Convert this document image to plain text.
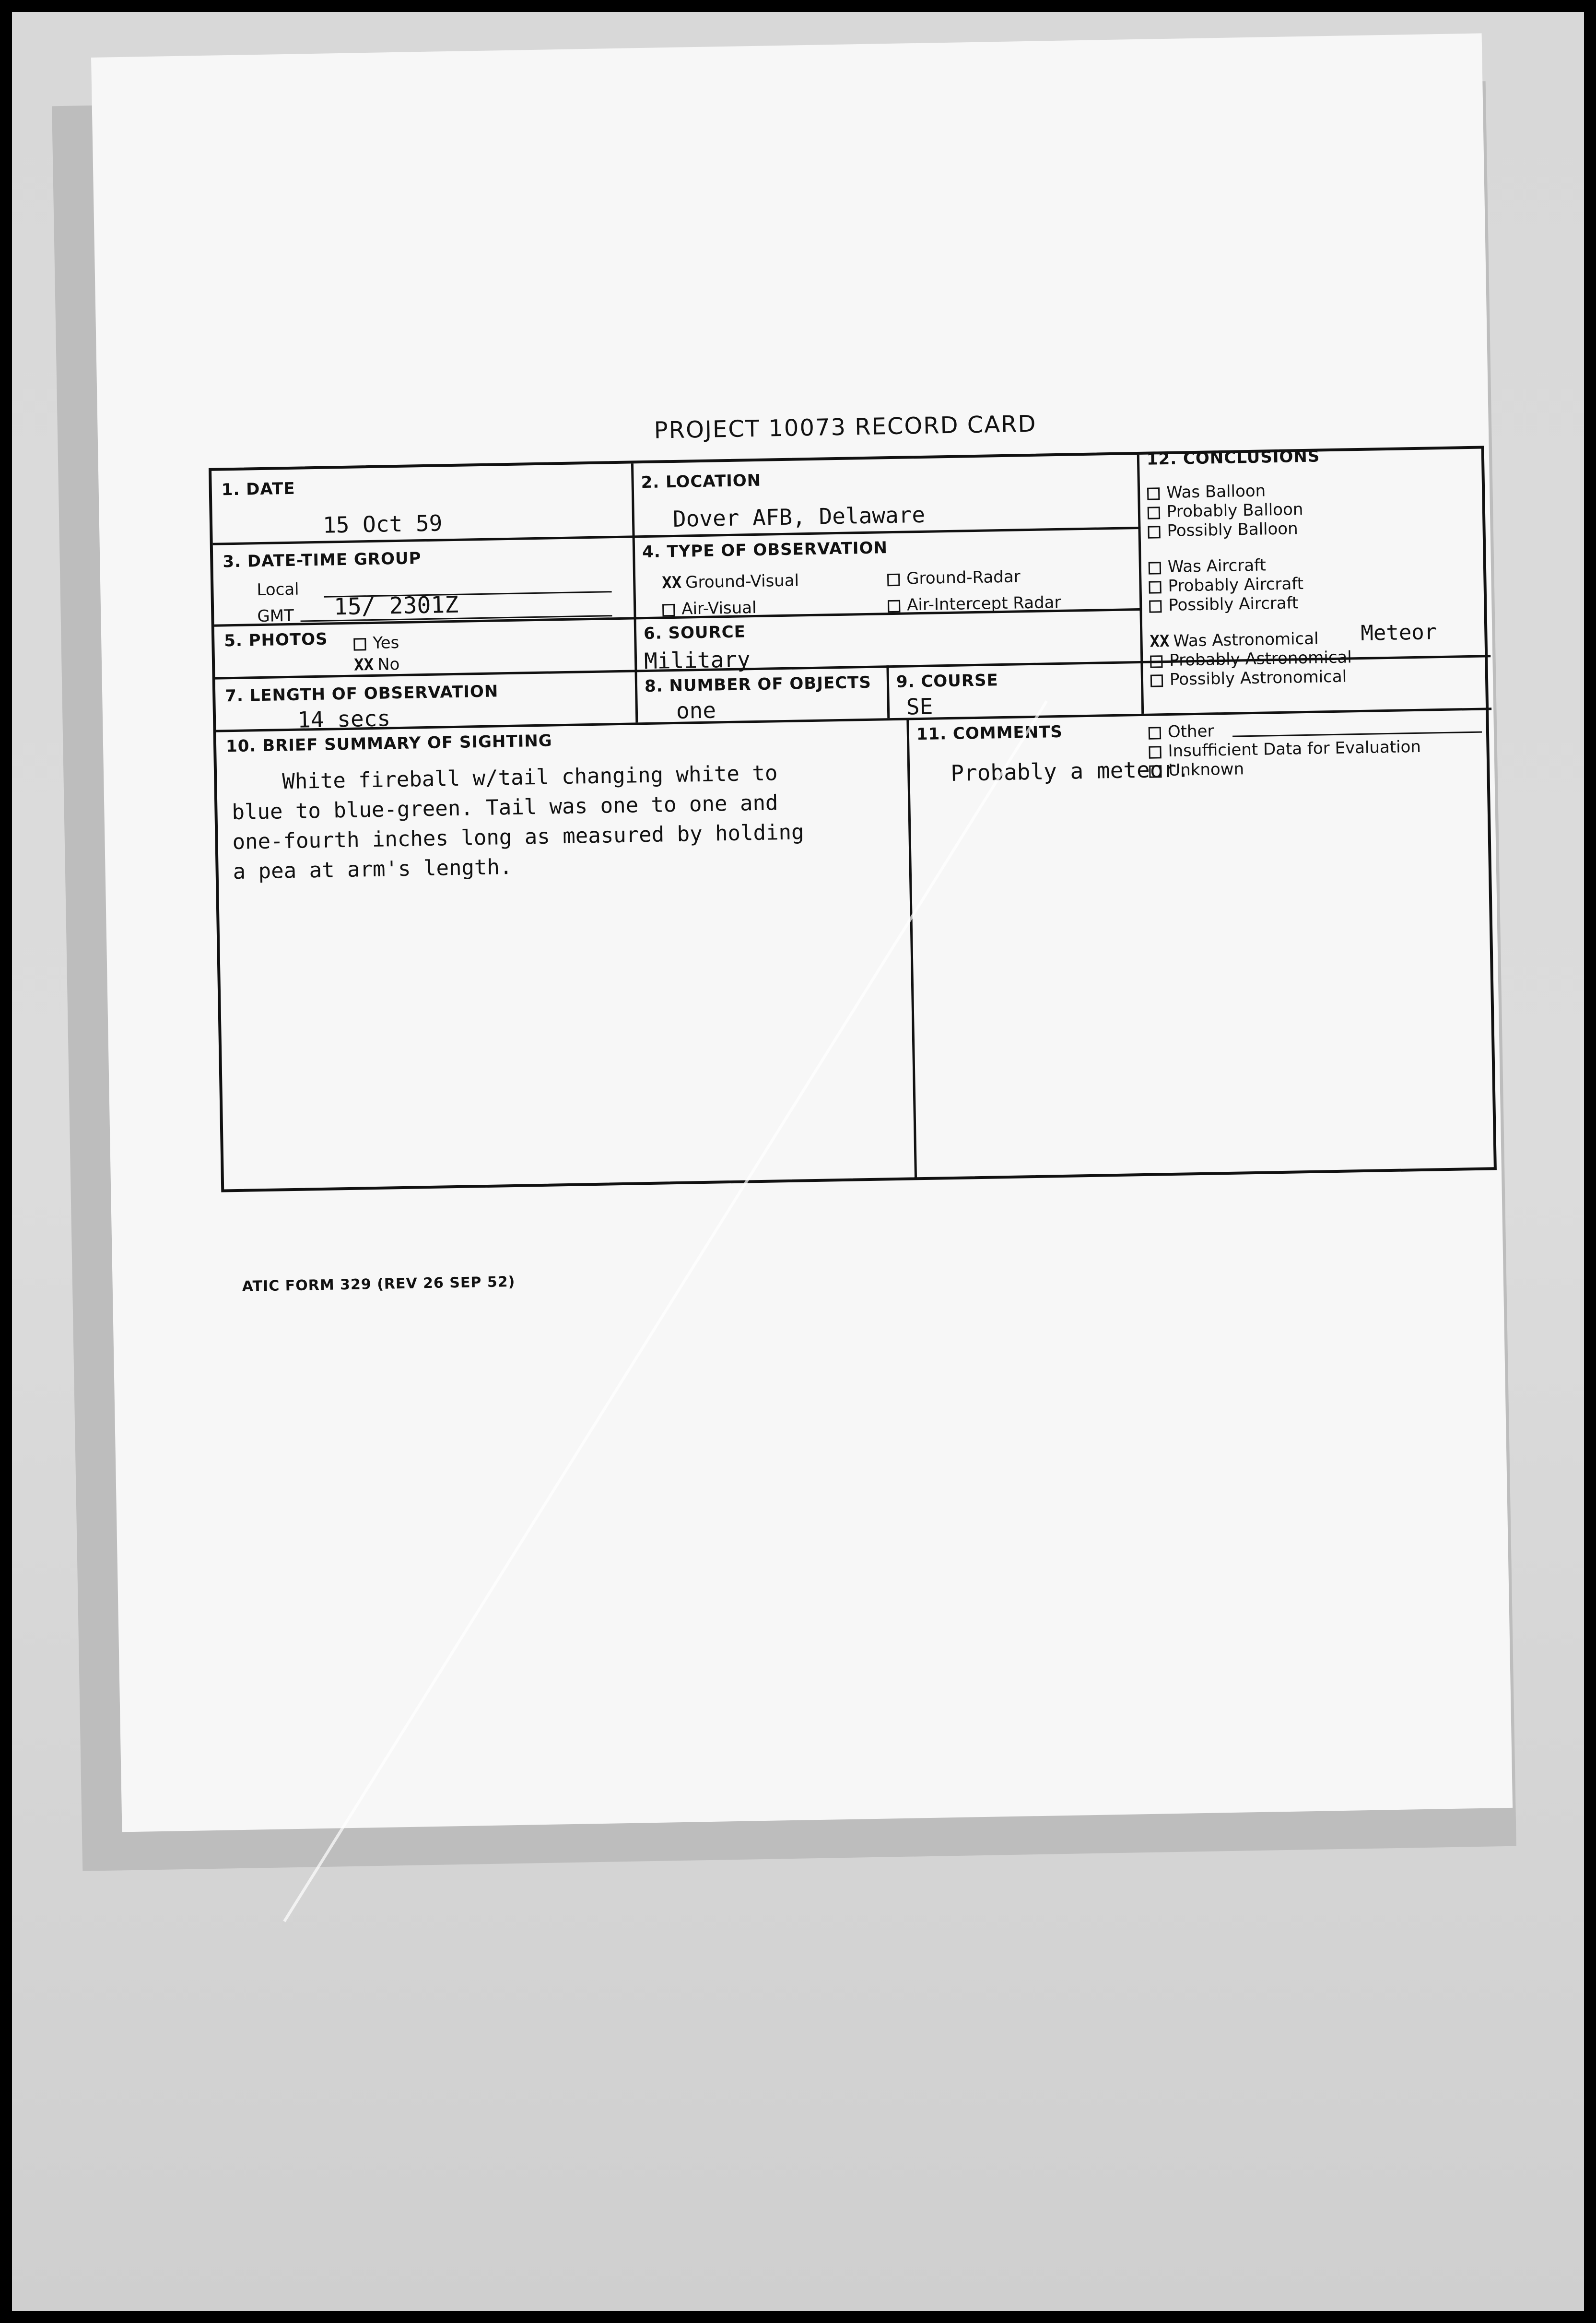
PROJECT 10073 RECORD CARD
1. DATE
15 Oct 59
2. LOCATION
Dover AFB, Delaware
3. DATE-TIME GROUP
Local
GMT 15/ 2301Z
4. TYPE OF OBSERVATION
XX Ground-Visual	Ground-Radar
Air-Visual	Air-Intercept Radar
5. PHOTOS	Yes
XX No
6. SOURCE
Military
7. LENGTH OF OBSERVATION
14 secs
8. NUMBER OF OBJECTS
one
9. COURSE
SE
12. CONCLUSIONS
Was Balloon
Probably Balloon
Possibly Balloon
Was Aircraft
Probably Aircraft
Possibly Aircraft
XX Was Astronomical Meteor
Probably Astronomical
Possibly Astronomical
10. BRIEF SUMMARY OF SIGHTING
White fireball w/tail changing white to
blue to blue-green. Tail was one to one and
one-fourth inches long as measured by holding
a pea at arm's length.
11. COMMENTS
Probably a meteor.
Other
Insufficient Data for Evaluation
Unknown
ATIC FORM 329 (REV 26 SEP 52)
